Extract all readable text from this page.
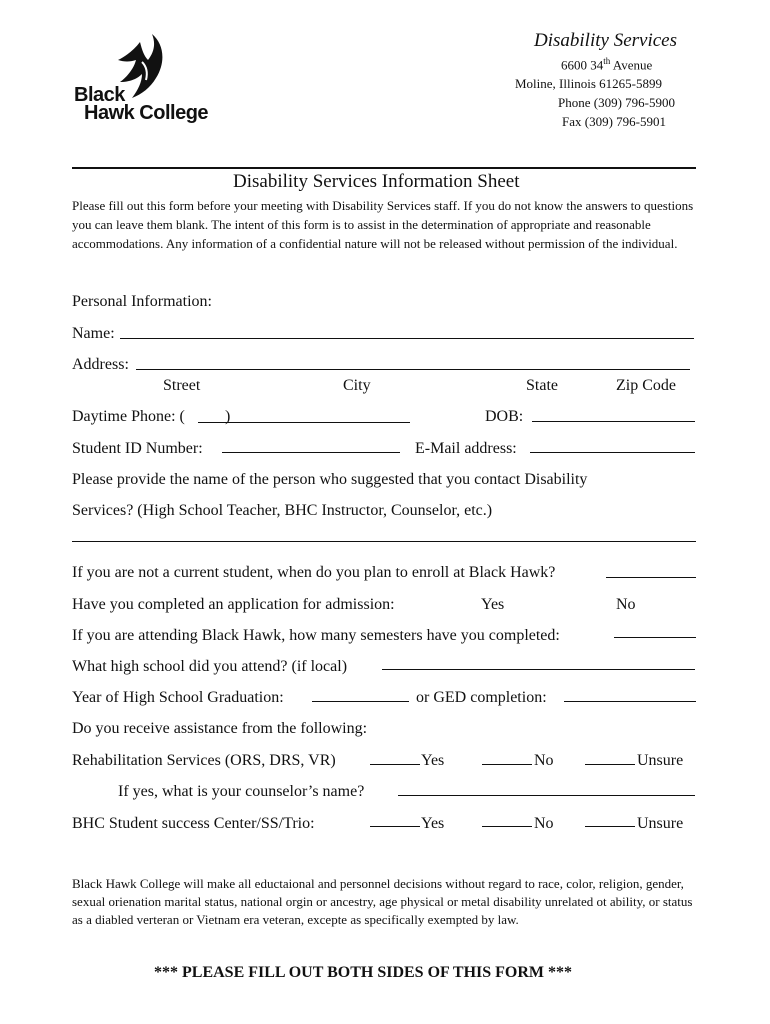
Black
Hawk College
Disability Services
6600 34th Avenue
Moline, Illinois 61265-5899
Phone (309) 796-5900
Fax (309) 796-5901
Disability Services Information Sheet
Please fill out this form before your meeting with Disability Services staff. If you do not know the answers to questions you can leave them blank. The intent of this form is to assist in the determination of appropriate and reasonable accommodations. Any information of a confidential nature will not be released without permission of the individual.
Personal Information:
Name:
Address:
Street	City	State	Zip Code
Daytime Phone: (	)	DOB:
Student ID Number:	E-Mail address:
Please provide the name of the person who suggested that you contact Disability
Services? (High School Teacher, BHC Instructor, Counselor, etc.)
If you are not a current student, when do you plan to enroll at Black Hawk?
Have you completed an application for admission:	Yes	No
If you are attending Black Hawk, how many semesters have you completed:
What high school did you attend? (if local)
Year of High School Graduation:	or GED completion:
Do you receive assistance from the following:
Rehabilitation Services (ORS, DRS, VR)	Yes	No	Unsure
If yes, what is your counselor’s name?
BHC Student success Center/SS/Trio:	Yes	No	Unsure
Black Hawk College will make all eductaional and personnel decisions without regard to race, color, religion, gender, sexual orienation marital status, national orgin or ancestry, age physical or metal disability unrelated ot ability, or status as a diabled verteran or Vietnam era veteran, excepte as specifically exempted by law.
*** PLEASE FILL OUT BOTH SIDES OF THIS FORM ***
